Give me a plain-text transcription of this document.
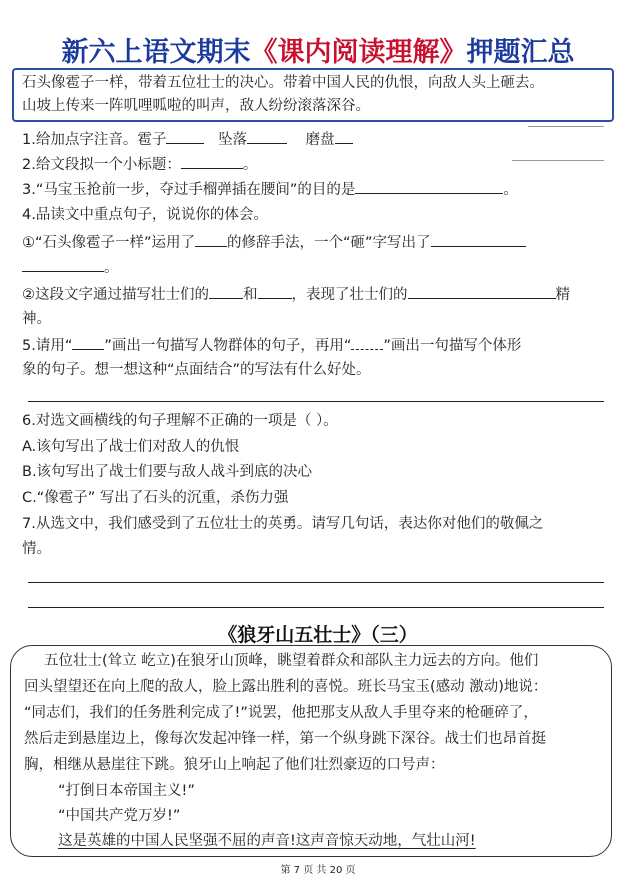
新六上语文期末《课内阅读理解》押题汇总
石头像雹子一样，带着五位壮士的决心。带着中国人民的仇恨，向敌人头上砸去。
山坡上传来一阵叽哩呱啦的叫声，敌人纷纷滚落深谷。
1.给加点字注音。雹子	坠落	磨盘
2.给文段拟一个小标题：	。
3.“马宝玉抢前一步，夺过手榴弹插在腰间”的目的是	。
4.品读文中重点句子，说说你的体会。
①“石头像雹子一样”运用了 的修辞手法，一个“砸”字写出了
。
②这段文字通过描写壮士们的 和 ，表现了壮士们的	精
神。
5.请用“ ”画出一句描写人物群体的句子，再用“ ”画出一句描写个体形
象的句子。想一想这种“点面结合”的写法有什么好处。
6.对选文画横线的句子理解不正确的一项是（ ）。
A.该句写出了战士们对敌人的仇恨
B.该句写出了战士们要与敌人战斗到底的决心
C.“像雹子” 写出了石头的沉重，杀伤力强
7.从选文中，我们感受到了五位壮士的英勇。请写几句话，表达你对他们的敬佩之
情。
《狼牙山五壮士》（三）
五位壮士(耸立 屹立)在狼牙山顶峰，眺望着群众和部队主力远去的方向。他们
回头望望还在向上爬的敌人，脸上露出胜利的喜悦。班长马宝玉(感动 激动)地说：
“同志们，我们的任务胜利完成了!”说罢，他把那支从敌人手里夺来的枪砸碎了，
然后走到悬崖边上，像每次发起冲锋一样，第一个纵身跳下深谷。战士们也昂首挺
胸，相继从悬崖往下跳。狼牙山上响起了他们壮烈豪迈的口号声：
“打倒日本帝国主义!”
“中国共产党万岁!”
这是英雄的中国人民坚强不屈的声音!这声音惊天动地，气壮山河!
第 7 页 共 20 页
